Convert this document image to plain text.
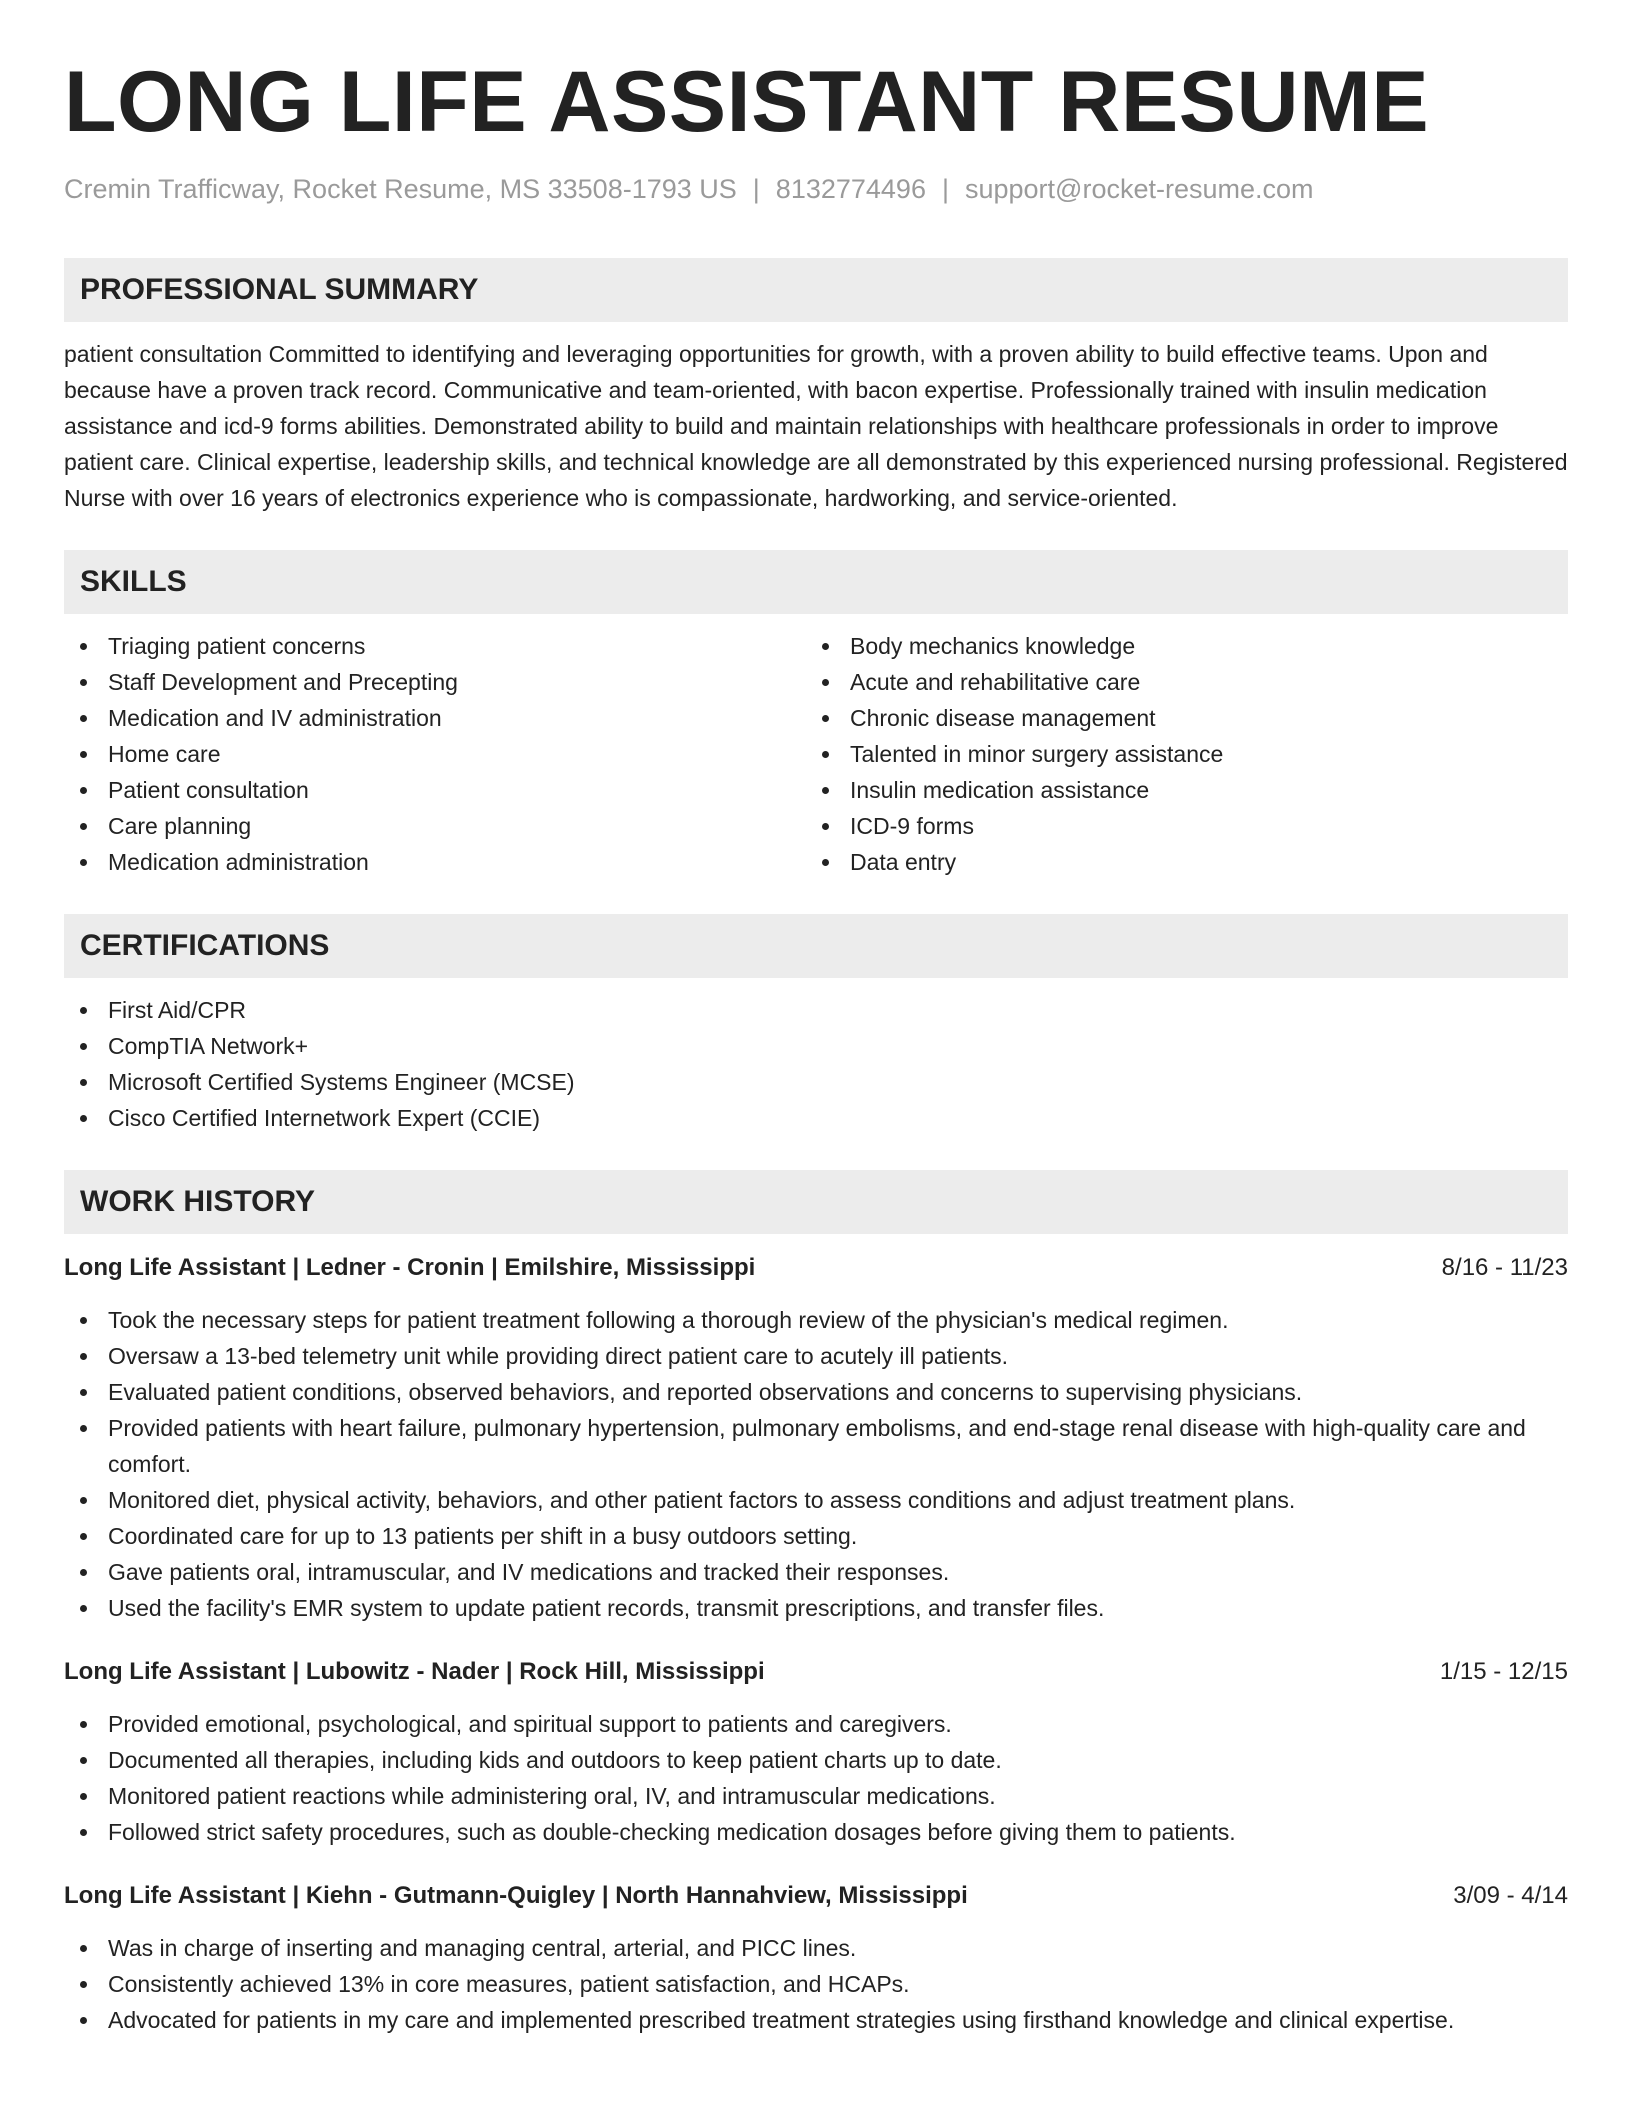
LONG LIFE ASSISTANT RESUME
Cremin Trafficway, Rocket Resume, MS 33508-1793 US | 8132774496 | support@rocket-resume.com
PROFESSIONAL SUMMARY
patient consultation Committed to identifying and leveraging opportunities for growth, with a proven ability to build effective teams. Upon and because have a proven track record. Communicative and team-oriented, with bacon expertise. Professionally trained with insulin medication assistance and icd-9 forms abilities. Demonstrated ability to build and maintain relationships with healthcare professionals in order to improve patient care. Clinical expertise, leadership skills, and technical knowledge are all demonstrated by this experienced nursing professional. Registered Nurse with over 16 years of electronics experience who is compassionate, hardworking, and service-oriented.
SKILLS
Triaging patient concerns
Staff Development and Precepting
Medication and IV administration
Home care
Patient consultation
Care planning
Medication administration
Body mechanics knowledge
Acute and rehabilitative care
Chronic disease management
Talented in minor surgery assistance
Insulin medication assistance
ICD-9 forms
Data entry
CERTIFICATIONS
First Aid/CPR
CompTIA Network+
Microsoft Certified Systems Engineer (MCSE)
Cisco Certified Internetwork Expert (CCIE)
WORK HISTORY
Long Life Assistant | Ledner - Cronin | Emilshire, Mississippi	8/16 - 11/23
Took the necessary steps for patient treatment following a thorough review of the physician's medical regimen.
Oversaw a 13-bed telemetry unit while providing direct patient care to acutely ill patients.
Evaluated patient conditions, observed behaviors, and reported observations and concerns to supervising physicians.
Provided patients with heart failure, pulmonary hypertension, pulmonary embolisms, and end-stage renal disease with high-quality care and comfort.
Monitored diet, physical activity, behaviors, and other patient factors to assess conditions and adjust treatment plans.
Coordinated care for up to 13 patients per shift in a busy outdoors setting.
Gave patients oral, intramuscular, and IV medications and tracked their responses.
Used the facility's EMR system to update patient records, transmit prescriptions, and transfer files.
Long Life Assistant | Lubowitz - Nader | Rock Hill, Mississippi	1/15 - 12/15
Provided emotional, psychological, and spiritual support to patients and caregivers.
Documented all therapies, including kids and outdoors to keep patient charts up to date.
Monitored patient reactions while administering oral, IV, and intramuscular medications.
Followed strict safety procedures, such as double-checking medication dosages before giving them to patients.
Long Life Assistant | Kiehn - Gutmann-Quigley | North Hannahview, Mississippi	3/09 - 4/14
Was in charge of inserting and managing central, arterial, and PICC lines.
Consistently achieved 13% in core measures, patient satisfaction, and HCAPs.
Advocated for patients in my care and implemented prescribed treatment strategies using firsthand knowledge and clinical expertise.
